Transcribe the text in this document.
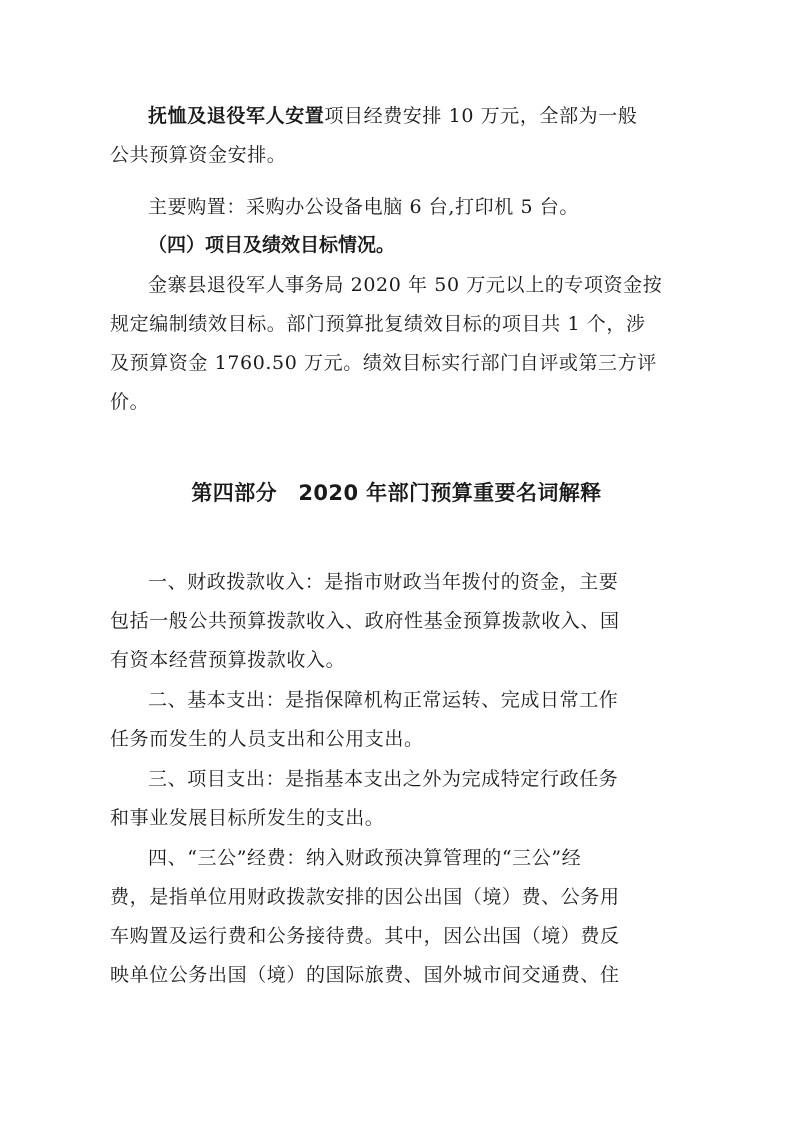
抚恤及退役军人安置项目经费安排 10 万元，全部为一般
公共预算资金安排。
主要购置：采购办公设备电脑 6 台,打印机 5 台。
（四）项目及绩效目标情况。
金寨县退役军人事务局 2020 年 50 万元以上的专项资金按
规定编制绩效目标。部门预算批复绩效目标的项目共 1 个，涉
及预算资金 1760.50 万元。绩效目标实行部门自评或第三方评
价。
第四部分　2020 年部门预算重要名词解释
一、财政拨款收入：是指市财政当年拨付的资金，主要
包括一般公共预算拨款收入、政府性基金预算拨款收入、国
有资本经营预算拨款收入。
二、基本支出：是指保障机构正常运转、完成日常工作
任务而发生的人员支出和公用支出。
三、项目支出：是指基本支出之外为完成特定行政任务
和事业发展目标所发生的支出。
四、“三公”经费：纳入财政预决算管理的“三公”经
费，是指单位用财政拨款安排的因公出国（境）费、公务用
车购置及运行费和公务接待费。其中，因公出国（境）费反
映单位公务出国（境）的国际旅费、国外城市间交通费、住
